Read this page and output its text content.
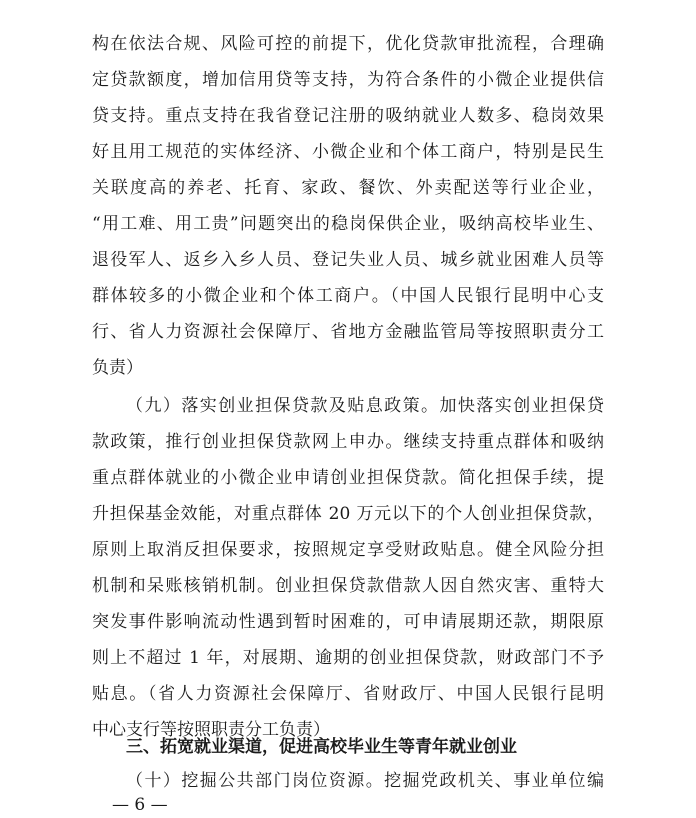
构在依法合规、风险可控的前提下，优化贷款审批流程，合理确
定贷款额度，增加信用贷等支持，为符合条件的小微企业提供信
贷支持。重点支持在我省登记注册的吸纳就业人数多、稳岗效果
好且用工规范的实体经济、小微企业和个体工商户，特别是民生
关联度高的养老、托育、家政、餐饮、外卖配送等行业企业，
“用工难、用工贵”问题突出的稳岗保供企业，吸纳高校毕业生、
退役军人、返乡入乡人员、登记失业人员、城乡就业困难人员等
群体较多的小微企业和个体工商户。（中国人民银行昆明中心支
行、省人力资源社会保障厅、省地方金融监管局等按照职责分工
负责）
（九）落实创业担保贷款及贴息政策。加快落实创业担保贷
款政策，推行创业担保贷款网上申办。继续支持重点群体和吸纳
重点群体就业的小微企业申请创业担保贷款。简化担保手续，提
升担保基金效能，对重点群体 20 万元以下的个人创业担保贷款，
原则上取消反担保要求，按照规定享受财政贴息。健全风险分担
机制和呆账核销机制。创业担保贷款借款人因自然灾害、重特大
突发事件影响流动性遇到暂时困难的，可申请展期还款，期限原
则上不超过 1 年，对展期、逾期的创业担保贷款，财政部门不予
贴息。（省人力资源社会保障厅、省财政厅、中国人民银行昆明
中心支行等按照职责分工负责）
三、拓宽就业渠道，促进高校毕业生等青年就业创业
（十）挖掘公共部门岗位资源。挖掘党政机关、事业单位编
— 6 —
